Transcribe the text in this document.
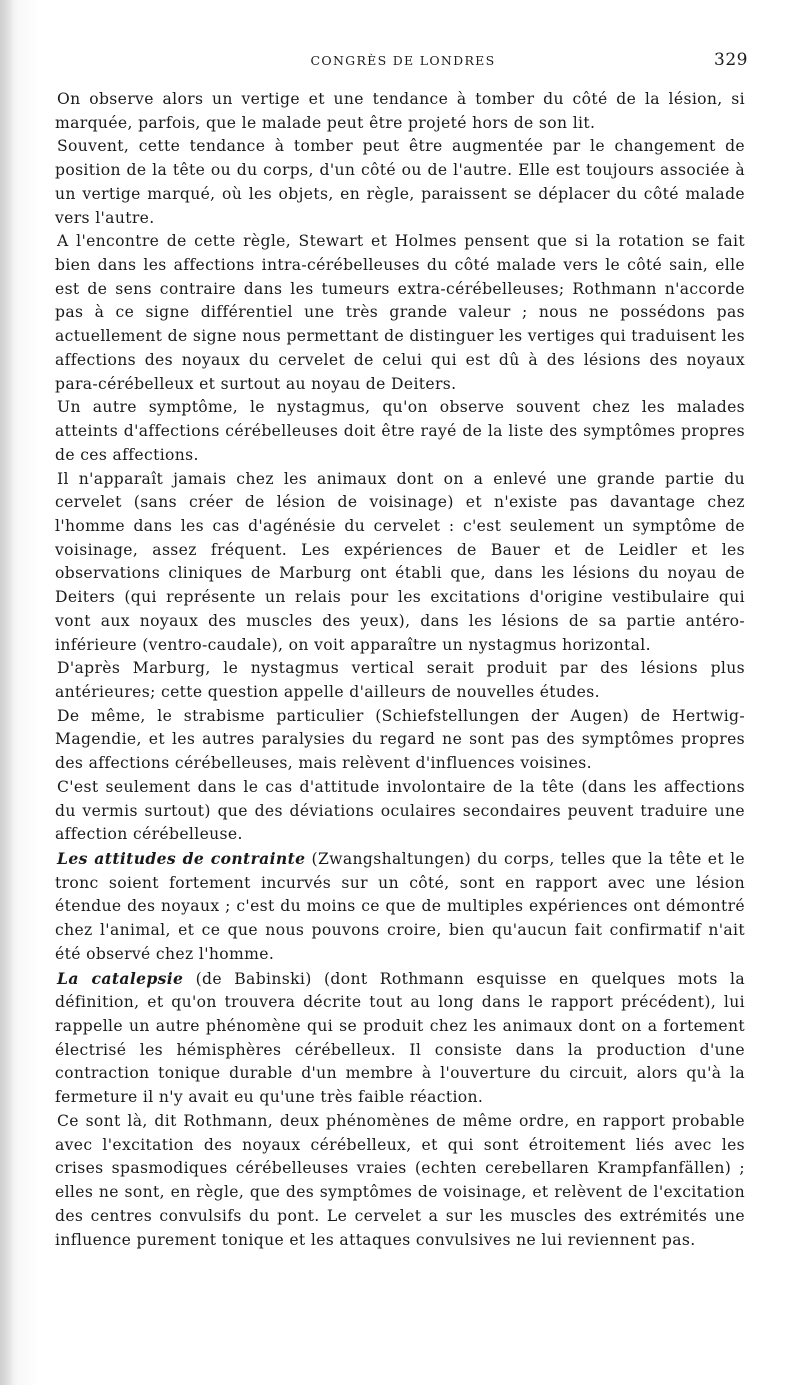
CONGRÈS DE LONDRES	329

On observe alors un vertige et une tendance à tomber du côté de la lésion, si marquée, parfois, que le malade peut être projeté hors de son lit.

Souvent, cette tendance à tomber peut être augmentée par le changement de position de la tête ou du corps, d'un côté ou de l'autre. Elle est toujours associée à un vertige marqué, où les objets, en règle, paraissent se déplacer du côté malade vers l'autre.

A l'encontre de cette règle, Stewart et Holmes pensent que si la rotation se fait bien dans les affections intra-cérébelleuses du côté malade vers le côté sain, elle est de sens contraire dans les tumeurs extra-cérébelleuses; Rothmann n'accorde pas à ce signe différentiel une très grande valeur ; nous ne possédons pas actuellement de signe nous permettant de distinguer les vertiges qui traduisent les affections des noyaux du cervelet de celui qui est dû à des lésions des noyaux para-cérébelleux et surtout au noyau de Deiters.

Un autre symptôme, le nystagmus, qu'on observe souvent chez les malades atteints d'affections cérébelleuses doit être rayé de la liste des symptômes propres de ces affections.

Il n'apparaît jamais chez les animaux dont on a enlevé une grande partie du cervelet (sans créer de lésion de voisinage) et n'existe pas davantage chez l'homme dans les cas d'agénésie du cervelet : c'est seulement un symptôme de voisinage, assez fréquent. Les expériences de Bauer et de Leidler et les observations cliniques de Marburg ont établi que, dans les lésions du noyau de Deiters (qui représente un relais pour les excitations d'origine vestibulaire qui vont aux noyaux des muscles des yeux), dans les lésions de sa partie antéro-inférieure (ventro-caudale), on voit apparaître un nystagmus horizontal.

D'après Marburg, le nystagmus vertical serait produit par des lésions plus antérieures; cette question appelle d'ailleurs de nouvelles études.

De même, le strabisme particulier (Schiefstellungen der Augen) de Hertwig-Magendie, et les autres paralysies du regard ne sont pas des symptômes propres des affections cérébelleuses, mais relèvent d'influences voisines.

C'est seulement dans le cas d'attitude involontaire de la tête (dans les affections du vermis surtout) que des déviations oculaires secondaires peuvent traduire une affection cérébelleuse.

Les attitudes de contrainte (Zwangshaltungen) du corps, telles que la tête et le tronc soient fortement incurvés sur un côté, sont en rapport avec une lésion étendue des noyaux ; c'est du moins ce que de multiples expériences ont démontré chez l'animal, et ce que nous pouvons croire, bien qu'aucun fait confirmatif n'ait été observé chez l'homme.

La catalepsie (de Babinski) (dont Rothmann esquisse en quelques mots la définition, et qu'on trouvera décrite tout au long dans le rapport précédent), lui rappelle un autre phénomène qui se produit chez les animaux dont on a fortement électrisé les hémisphères cérébelleux. Il consiste dans la production d'une contraction tonique durable d'un membre à l'ouverture du circuit, alors qu'à la fermeture il n'y avait eu qu'une très faible réaction.

Ce sont là, dit Rothmann, deux phénomènes de même ordre, en rapport probable avec l'excitation des noyaux cérébelleux, et qui sont étroitement liés avec les crises spasmodiques cérébelleuses vraies (echten cerebellaren Krampfanfällen) ; elles ne sont, en règle, que des symptômes de voisinage, et relèvent de l'excitation des centres convulsifs du pont. Le cervelet a sur les muscles des extrémités une influence purement tonique et les attaques convulsives ne lui reviennent pas.
